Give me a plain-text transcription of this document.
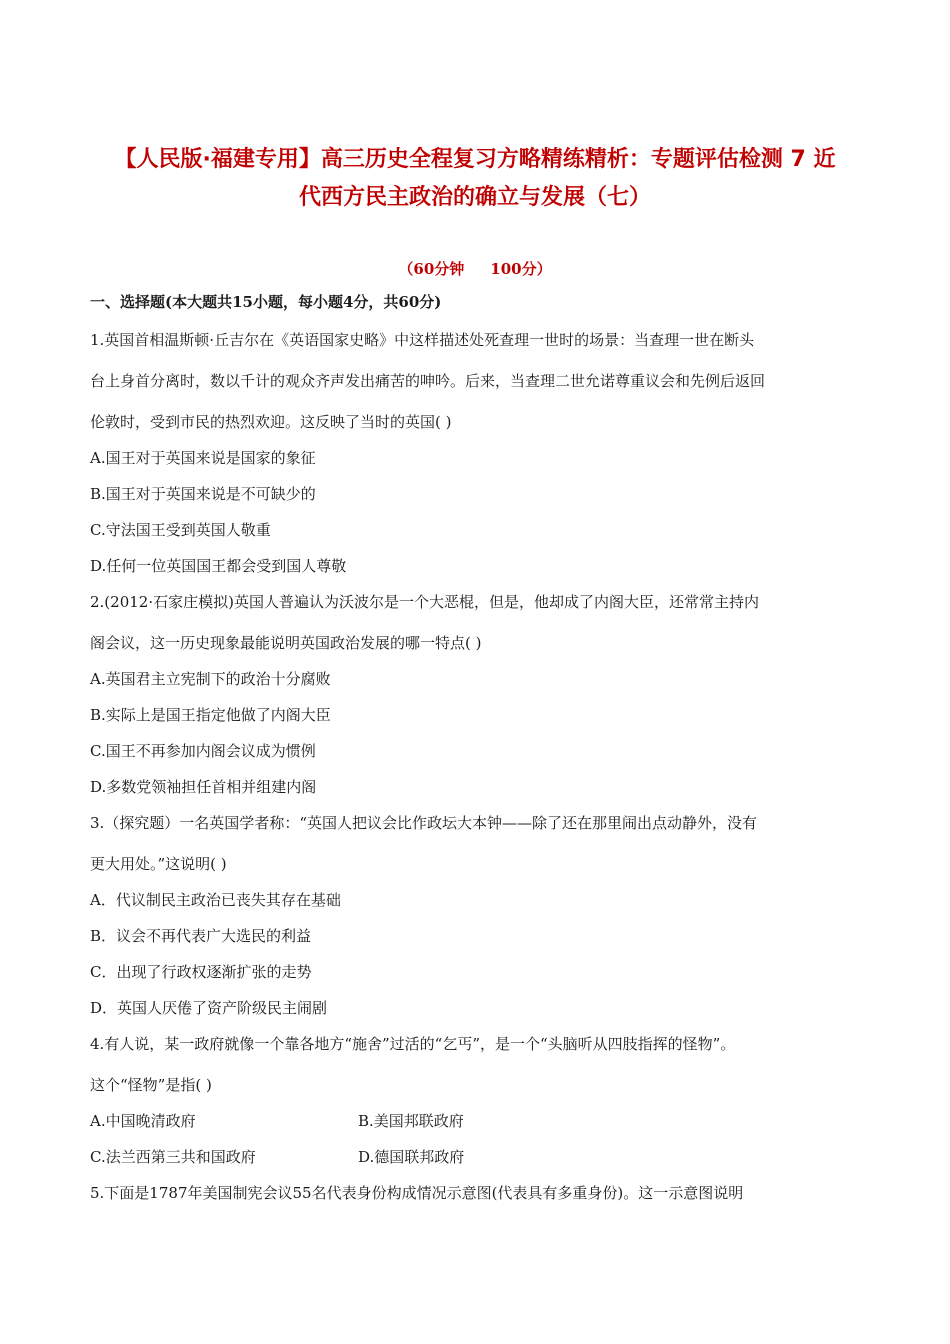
【人民版·福建专用】高三历史全程复习方略精练精析：专题评估检测 7 近
代西方民主政治的确立与发展（七）
（60分钟 100分）
一、选择题(本大题共15小题，每小题4分，共60分)
1.英国首相温斯顿·丘吉尔在《英语国家史略》中这样描述处死查理一世时的场景：当查理一世在断头
台上身首分离时，数以千计的观众齐声发出痛苦的呻吟。后来，当查理二世允诺尊重议会和先例后返回
伦敦时，受到市民的热烈欢迎。这反映了当时的英国( )
A.国王对于英国来说是国家的象征
B.国王对于英国来说是不可缺少的
C.守法国王受到英国人敬重
D.任何一位英国国王都会受到国人尊敬
2.(2012·石家庄模拟)英国人普遍认为沃波尔是一个大恶棍，但是，他却成了内阁大臣，还常常主持内
阁会议，这一历史现象最能说明英国政治发展的哪一特点( )
A.英国君主立宪制下的政治十分腐败
B.实际上是国王指定他做了内阁大臣
C.国王不再参加内阁会议成为惯例
D.多数党领袖担任首相并组建内阁
3.（探究题）一名英国学者称：“英国人把议会比作政坛大本钟——除了还在那里闹出点动静外，没有
更大用处。”这说明( )
A．代议制民主政治已丧失其存在基础
B．议会不再代表广大选民的利益
C．出现了行政权逐渐扩张的走势
D．英国人厌倦了资产阶级民主闹剧
4.有人说，某一政府就像一个靠各地方“施舍”过活的“乞丐”，是一个“头脑听从四肢指挥的怪物”。
这个“怪物”是指( )
A.中国晚清政府	B.美国邦联政府
C.法兰西第三共和国政府	D.德国联邦政府
5.下面是1787年美国制宪会议55名代表身份构成情况示意图(代表具有多重身份)。这一示意图说明
